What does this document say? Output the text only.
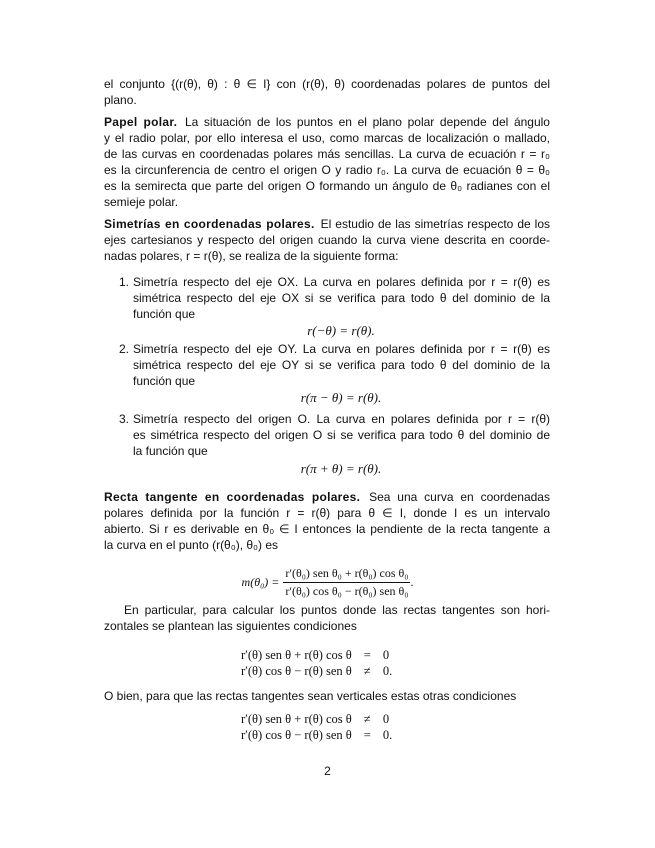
el conjunto {(r(θ), θ) : θ ∈ I} con (r(θ), θ) coordenadas polares de puntos del
plano.
Papel polar. La situación de los puntos en el plano polar depende del ángulo
y el radio polar, por ello interesa el uso, como marcas de localización o mallado,
de las curvas en coordenadas polares más sencillas. La curva de ecuación r = r₀
es la circunferencia de centro el origen O y radio r₀. La curva de ecuación θ = θ₀
es la semirecta que parte del origen O formando un ángulo de θ₀ radianes con el
semieje polar.
Simetrías en coordenadas polares. El estudio de las simetrías respecto de los
ejes cartesianos y respecto del origen cuando la curva viene descrita en coorde-
nadas polares, r = r(θ), se realiza de la siguiente forma:
1. Simetría respecto del eje OX. La curva en polares definida por r = r(θ) es
simétrica respecto del eje OX si se verifica para todo θ del dominio de la
función que
r(−θ) = r(θ).
2. Simetría respecto del eje OY. La curva en polares definida por r = r(θ) es
simétrica respecto del eje OY si se verifica para todo θ del dominio de la
función que
r(π − θ) = r(θ).
3. Simetría respecto del origen O. La curva en polares definida por r = r(θ)
es simétrica respecto del origen O si se verifica para todo θ del dominio de
la función que
r(π + θ) = r(θ).
Recta tangente en coordenadas polares. Sea una curva en coordenadas
polares definida por la función r = r(θ) para θ ∈ I, donde I es un intervalo
abierto. Si r es derivable en θ₀ ∈ I entonces la pendiente de la recta tangente a
la curva en el punto (r(θ₀), θ₀) es
m(θ₀) =
r′(θ₀) sen θ₀ + r(θ₀) cos θ₀
r′(θ₀) cos θ₀ − r(θ₀) sen θ₀
.
En particular, para calcular los puntos donde las rectas tangentes son hori-
zontales se plantean las siguientes condiciones
r′(θ) sen θ + r(θ) cos θ	=	0
r′(θ) cos θ − r(θ) sen θ	≠	0.
O bien, para que las rectas tangentes sean verticales estas otras condiciones
r′(θ) sen θ + r(θ) cos θ	≠	0
r′(θ) cos θ − r(θ) sen θ	=	0.
2
